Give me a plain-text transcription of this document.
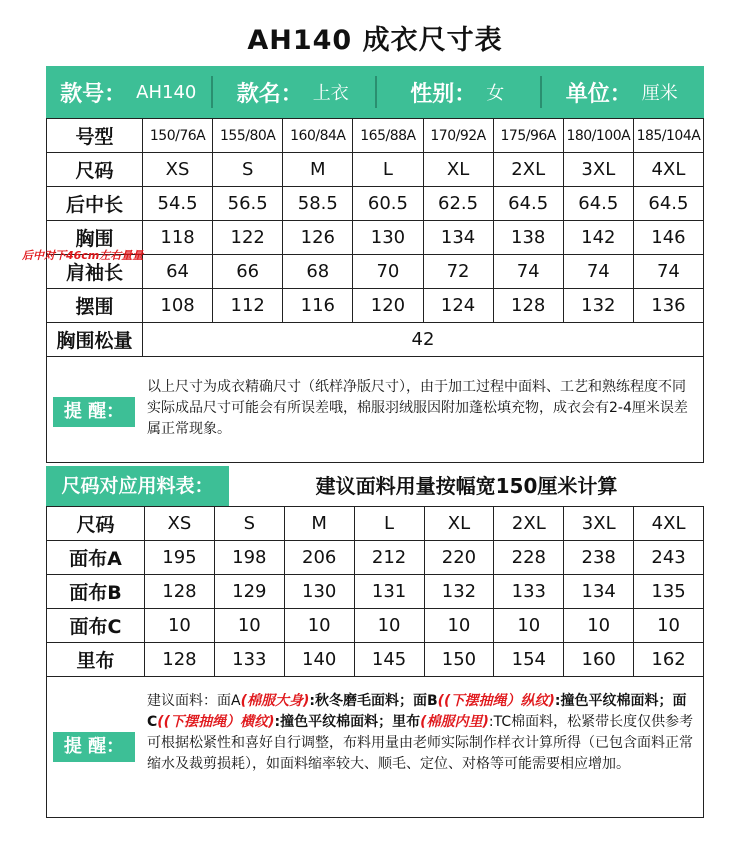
AH140 成衣尺寸表
款号： AH140 款名： 上衣	性别： 女	单位： 厘米
号型	150/76A	155/80A	160/84A	165/88A	170/92A	175/96A	180/100A	185/104A
尺码	XS	S	M	L	XL	2XL	3XL	4XL
后中长	54.5	56.5	58.5	60.5	62.5	64.5	64.5	64.5
胸围	118	122	126	130	134	138	142	146
肩袖长	64	66	68	70	72	74	74	74
摆围	108	112	116	120	124	128	132	136
胸围松量	42							
后中对下46cm左右量量
提 醒：
以上尺寸为成衣精确尺寸（纸样净版尺寸），由于加工过程中面料、工艺和熟练程度不同实际成品尺寸可能会有所误差哦，棉服羽绒服因附加蓬松填充物，成衣会有2-4厘米误差属正常现象。
尺码对应用料表：	建议面料用量按幅宽150厘米计算
尺码	XS	S	M	L	XL	2XL	3XL	4XL
面布A	195	198	206	212	220	228	238	243
面布B	128	129	130	131	132	133	134	135
面布C	10	10	10	10	10	10	10	10
里布	128	133	140	145	150	154	160	162
提 醒：
建议面料：面A(棉服大身):秋冬磨毛面料；面B((下摆抽绳）纵纹):撞色平纹棉面料；面C((下摆抽绳）横纹):撞色平纹棉面料；里布(棉服内里):TC棉面料，松紧带长度仅供参考可根据松紧性和喜好自行调整，布料用量由老师实际制作样衣计算所得（已包含面料正常缩水及裁剪损耗），如面料缩率较大、顺毛、定位、对格等可能需要相应增加。
